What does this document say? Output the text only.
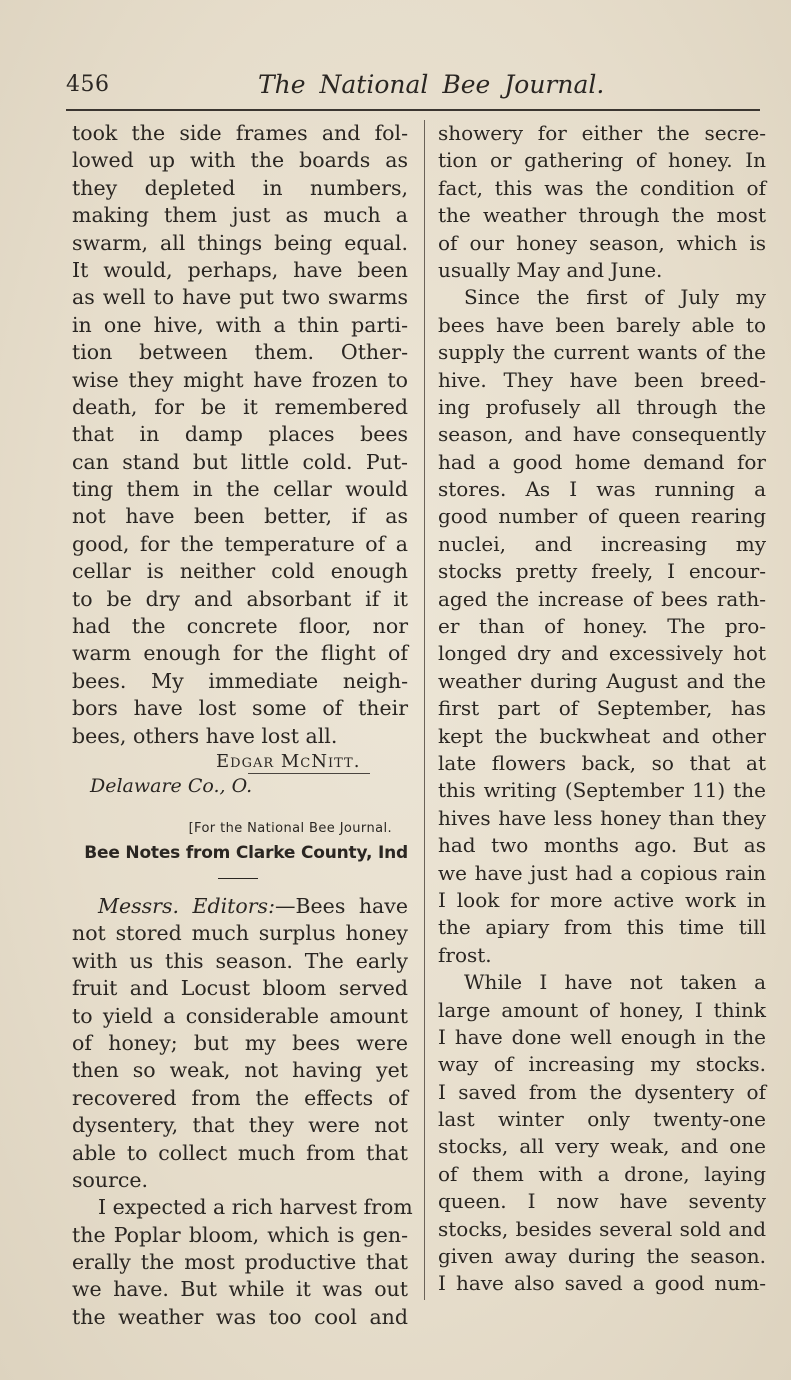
456	The National Bee Journal.
took the side frames and fol-
lowed up with the boards as
they depleted in numbers,
making them just as much a
swarm, all things being equal.
It would, perhaps, have been
as well to have put two swarms
in one hive, with a thin parti-
tion between them. Other-
wise they might have frozen to
death, for be it remembered
that in damp places bees
can stand but little cold. Put-
ting them in the cellar would
not have been better, if as
good, for the temperature of a
cellar is neither cold enough
to be dry and absorbant if it
had the concrete floor, nor
warm enough for the flight of
bees. My immediate neigh-
bors have lost some of their
bees, others have lost all.
Edgar McNitt.
Delaware Co., O.
[For the National Bee Journal.
Bee Notes from Clarke County, Ind
Messrs. Editors:—Bees have
not stored much surplus honey
with us this season. The early
fruit and Locust bloom served
to yield a considerable amount
of honey; but my bees were
then so weak, not having yet
recovered from the effects of
dysentery, that they were not
able to collect much from that
source.
I expected a rich harvest from
the Poplar bloom, which is gen-
erally the most productive that
we have. But while it was out
the weather was too cool and
showery for either the secre-
tion or gathering of honey. In
fact, this was the condition of
the weather through the most
of our honey season, which is
usually May and June.
Since the first of July my
bees have been barely able to
supply the current wants of the
hive. They have been breed-
ing profusely all through the
season, and have consequently
had a good home demand for
stores. As I was running a
good number of queen rearing
nuclei, and increasing my
stocks pretty freely, I encour-
aged the increase of bees rath-
er than of honey. The pro-
longed dry and excessively hot
weather during August and the
first part of September, has
kept the buckwheat and other
late flowers back, so that at
this writing (September 11) the
hives have less honey than they
had two months ago. But as
we have just had a copious rain
I look for more active work in
the apiary from this time till
frost.
While I have not taken a
large amount of honey, I think
I have done well enough in the
way of increasing my stocks.
I saved from the dysentery of
last winter only twenty-one
stocks, all very weak, and one
of them with a drone, laying
queen. I now have seventy
stocks, besides several sold and
given away during the season.
I have also saved a good num-
